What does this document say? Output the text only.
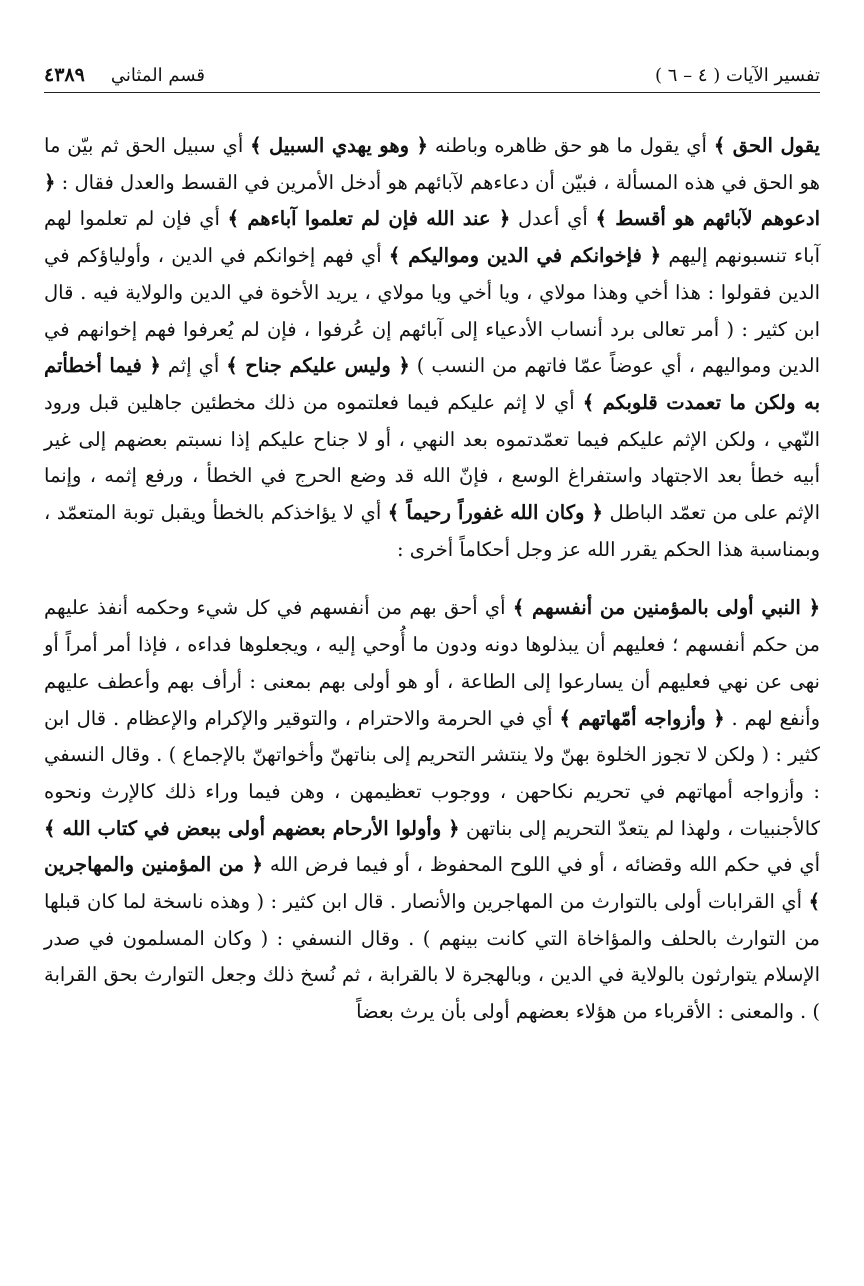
تفسير الآيات ( ٤ – ٦ )
قسم المثاني
٤٣٨٩

يقول الحق ﴾ أي يقول ما هو حق ظاهره وباطنه ﴿ وهو يهدي السبيل ﴾ أي سبيل الحق ثم بيّن ما هو الحق في هذه المسألة ، فبيّن أن دعاءهم لآبائهم هو أدخل الأمرين في القسط والعدل فقال : ﴿ ادعوهم لآبائهم هو أقسط ﴾ أي أعدل ﴿ عند الله فإن لم تعلموا آباءهم ﴾ أي فإن لم تعلموا لهم آباء تنسبونهم إليهم ﴿ فإخوانكم في الدين ومواليكم ﴾ أي فهم إخوانكم في الدين ، وأولياؤكم في الدين فقولوا : هذا أخي وهذا مولاي ، ويا أخي ويا مولاي ، يريد الأخوة في الدين والولاية فيه . قال ابن كثير : ( أمر تعالى برد أنساب الأدعياء إلى آبائهم إن عُرفوا ، فإن لم يُعرفوا فهم إخوانهم في الدين ومواليهم ، أي عوضاً عمّا فاتهم من النسب ) ﴿ وليس عليكم جناح ﴾ أي إثم ﴿ فيما أخطأتم به ولكن ما تعمدت قلوبكم ﴾ أي لا إثم عليكم فيما فعلتموه من ذلك مخطئين جاهلين قبل ورود النّهي ، ولكن الإثم عليكم فيما تعمّدتموه بعد النهي ، أو لا جناح عليكم إذا نسبتم بعضهم إلى غير أبيه خطأ بعد الاجتهاد واستفراغ الوسع ، فإنّ الله قد وضع الحرج في الخطأ ، ورفع إثمه ، وإنما الإثم على من تعمّد الباطل ﴿ وكان الله غفوراً رحيماً ﴾ أي لا يؤاخذكم بالخطأ ويقبل توبة المتعمّد ، وبمناسبة هذا الحكم يقرر الله عز وجل أحكاماً أخرى :

﴿ النبي أولى بالمؤمنين من أنفسهم ﴾ أي أحق بهم من أنفسهم في كل شيء وحكمه أنفذ عليهم من حكم أنفسهم ؛ فعليهم أن يبذلوها دونه ودون ما أُوحي إليه ، ويجعلوها فداءه ، فإذا أمر أمراً أو نهى عن نهي فعليهم أن يسارعوا إلى الطاعة ، أو هو أولى بهم بمعنى : أرأف بهم وأعطف عليهم وأنفع لهم . ﴿ وأزواجه أمّهاتهم ﴾ أي في الحرمة والاحترام ، والتوقير والإكرام والإعظام . قال ابن كثير : ( ولكن لا تجوز الخلوة بهنّ ولا ينتشر التحريم إلى بناتهنّ وأخواتهنّ بالإجماع ) . وقال النسفي : وأزواجه أمهاتهم في تحريم نكاحهن ، ووجوب تعظيمهن ، وهن فيما وراء ذلك كالإرث ونحوه كالأجنبيات ، ولهذا لم يتعدّ التحريم إلى بناتهن ﴿ وأولوا الأرحام بعضهم أولى ببعض في كتاب الله ﴾ أي في حكم الله وقضائه ، أو في اللوح المحفوظ ، أو فيما فرض الله ﴿ من المؤمنين والمهاجرين ﴾ أي القرابات أولى بالتوارث من المهاجرين والأنصار . قال ابن كثير : ( وهذه ناسخة لما كان قبلها من التوارث بالحلف والمؤاخاة التي كانت بينهم ) . وقال النسفي : ( وكان المسلمون في صدر الإسلام يتوارثون بالولاية في الدين ، وبالهجرة لا بالقرابة ، ثم نُسخ ذلك وجعل التوارث بحق القرابة ) . والمعنى : الأقرباء من هؤلاء بعضهم أولى بأن يرث بعضاً
